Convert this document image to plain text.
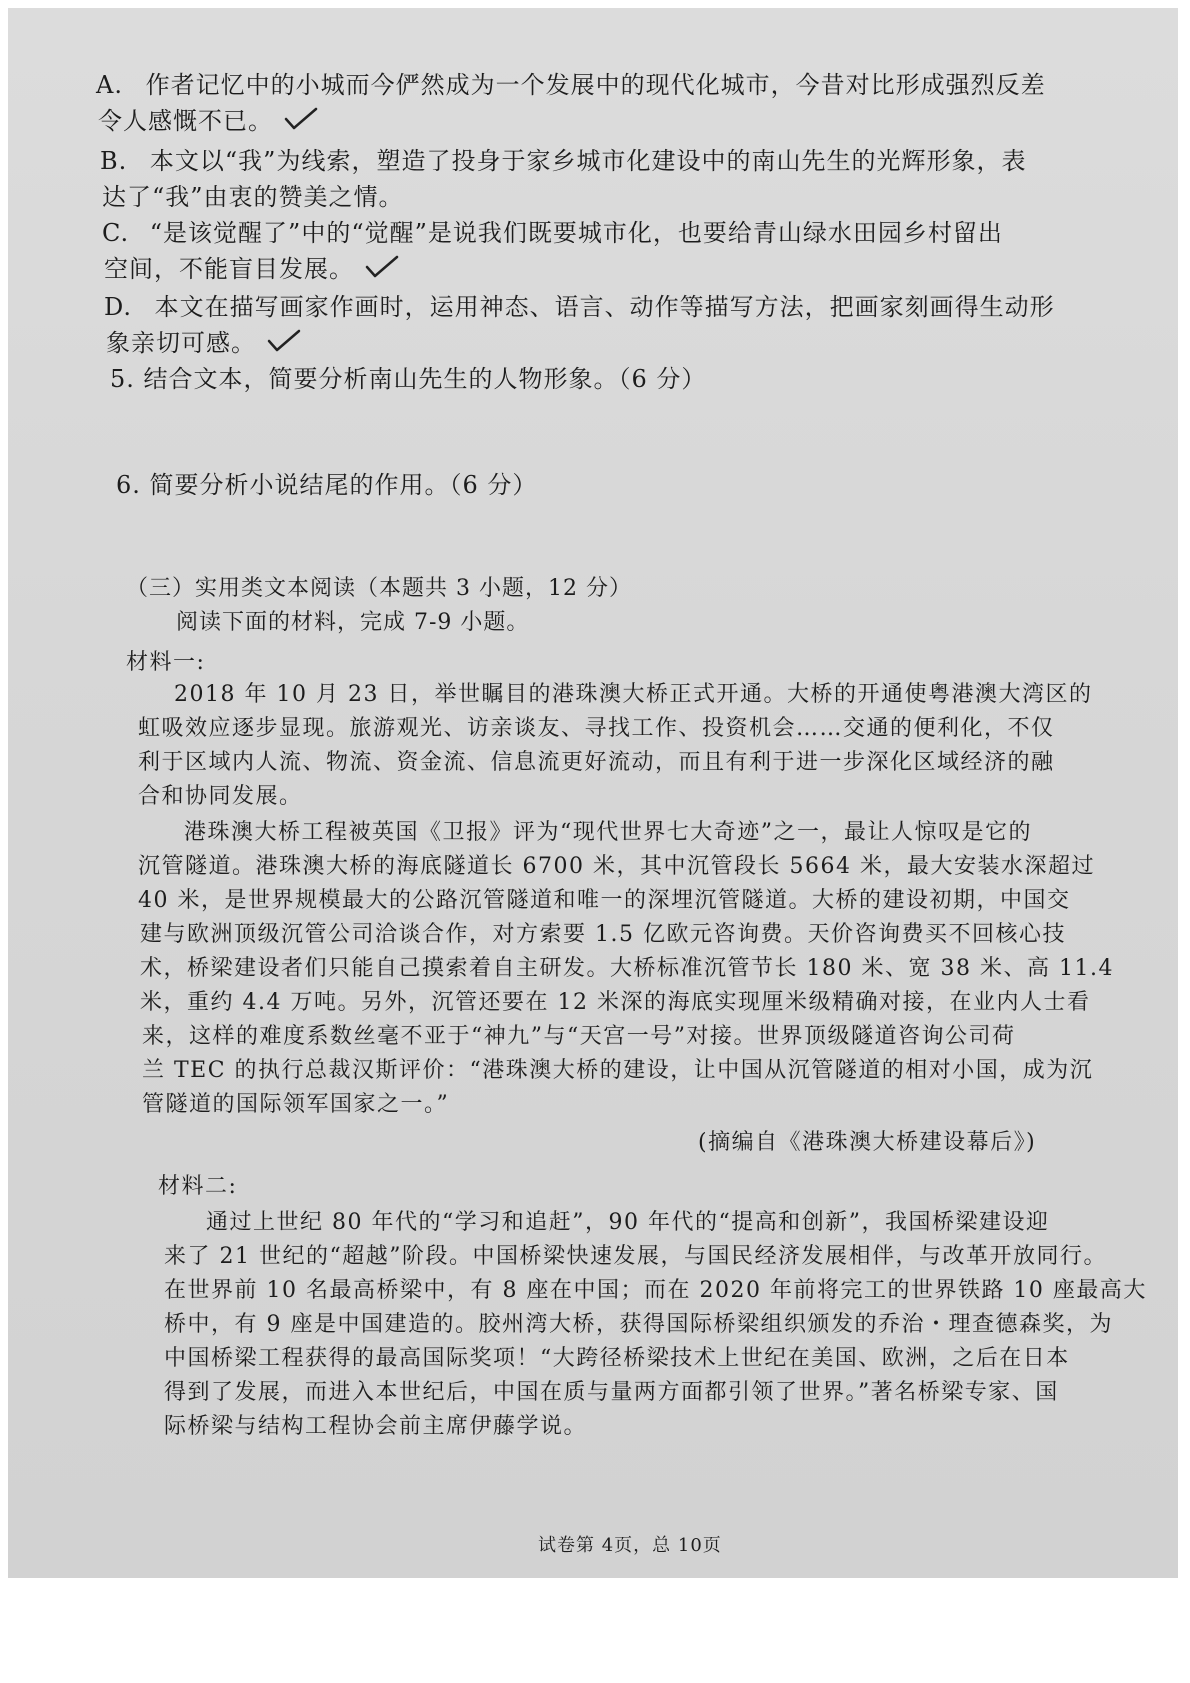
A. 作者记忆中的小城而今俨然成为一个发展中的现代化城市，今昔对比形成强烈反差
令人感慨不已。
B. 本文以“我”为线索，塑造了投身于家乡城市化建设中的南山先生的光辉形象，表
达了“我”由衷的赞美之情。
C. “是该觉醒了”中的“觉醒”是说我们既要城市化，也要给青山绿水田园乡村留出
空间，不能盲目发展。
D. 本文在描写画家作画时，运用神态、语言、动作等描写方法，把画家刻画得生动形
象亲切可感。
5. 结合文本，简要分析南山先生的人物形象。（6 分）
6. 简要分析小说结尾的作用。（6 分）
（三）实用类文本阅读（本题共 3 小题，12 分）
阅读下面的材料，完成 7-9 小题。
材料一:
2018 年 10 月 23 日，举世瞩目的港珠澳大桥正式开通。大桥的开通使粤港澳大湾区的
虹吸效应逐步显现。旅游观光、访亲谈友、寻找工作、投资机会……交通的便利化，不仅
利于区域内人流、物流、资金流、信息流更好流动，而且有利于进一步深化区域经济的融
合和协同发展。
港珠澳大桥工程被英国《卫报》评为“现代世界七大奇迹”之一，最让人惊叹是它的
沉管隧道。港珠澳大桥的海底隧道长 6700 米，其中沉管段长 5664 米，最大安装水深超过
40 米，是世界规模最大的公路沉管隧道和唯一的深埋沉管隧道。大桥的建设初期，中国交
建与欧洲顶级沉管公司洽谈合作，对方索要 1.5 亿欧元咨询费。天价咨询费买不回核心技
术，桥梁建设者们只能自己摸索着自主研发。大桥标准沉管节长 180 米、宽 38 米、高 11.4
米，重约 4.4 万吨。另外，沉管还要在 12 米深的海底实现厘米级精确对接，在业内人士看
来，这样的难度系数丝毫不亚于“神九”与“天宫一号”对接。世界顶级隧道咨询公司荷
兰 TEC 的执行总裁汉斯评价：“港珠澳大桥的建设，让中国从沉管隧道的相对小国，成为沉
管隧道的国际领军国家之一。”
(摘编自《港珠澳大桥建设幕后》)
材料二:
通过上世纪 80 年代的“学习和追赶”，90 年代的“提高和创新”，我国桥梁建设迎
来了 21 世纪的“超越”阶段。中国桥梁快速发展，与国民经济发展相伴，与改革开放同行。
在世界前 10 名最高桥梁中，有 8 座在中国；而在 2020 年前将完工的世界铁路 10 座最高大
桥中，有 9 座是中国建造的。胶州湾大桥，获得国际桥梁组织颁发的乔治・理查德森奖，为
中国桥梁工程获得的最高国际奖项！“大跨径桥梁技术上世纪在美国、欧洲，之后在日本
得到了发展，而进入本世纪后，中国在质与量两方面都引领了世界。”著名桥梁专家、国
际桥梁与结构工程协会前主席伊藤学说。
试卷第 4页，总 10页
